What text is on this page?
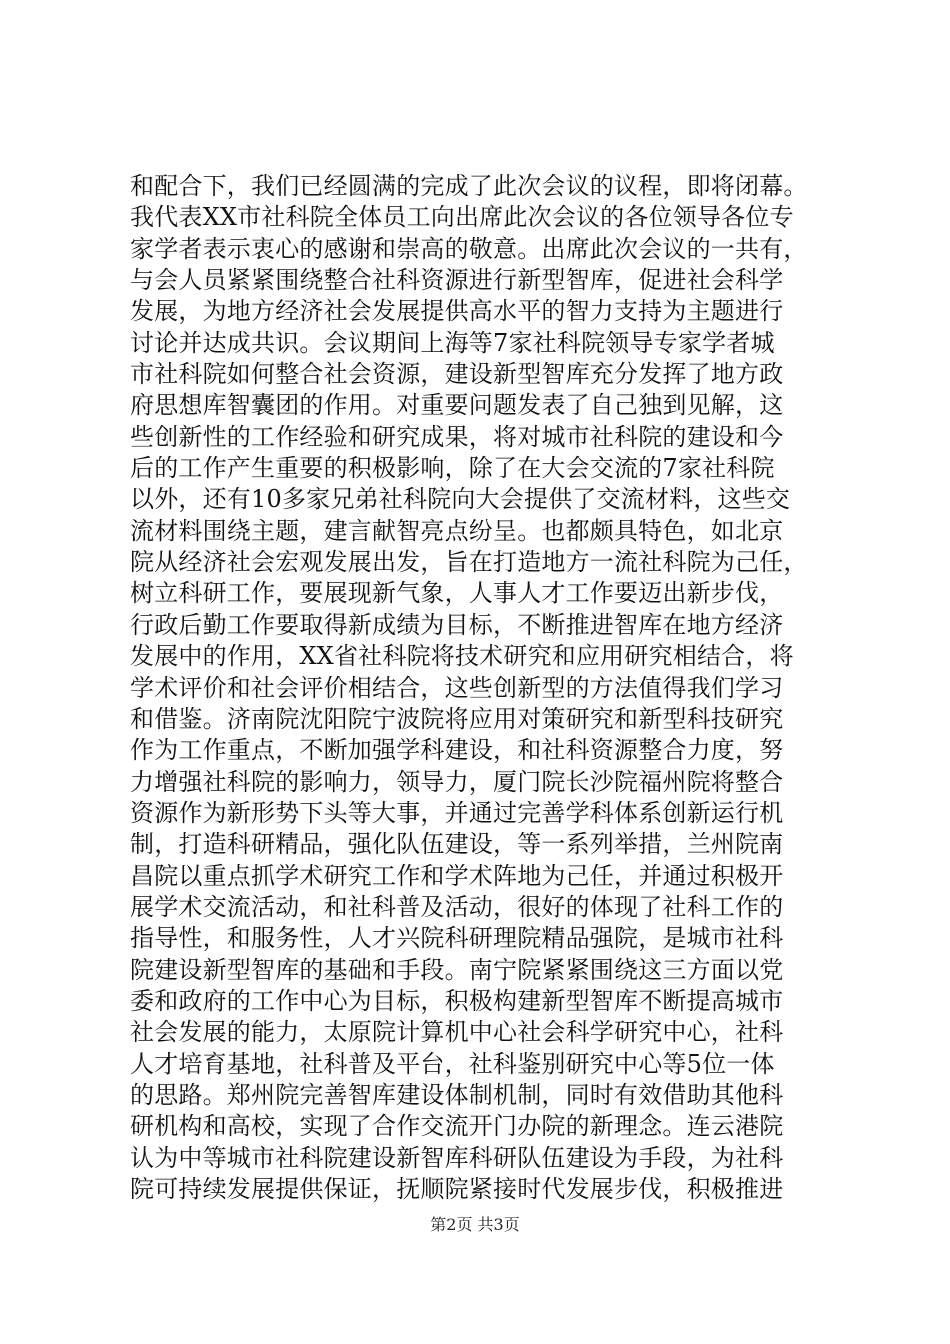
和配合下，我们已经圆满的完成了此次会议的议程，即将闭幕。
我代表XX市社科院全体员工向出席此次会议的各位领导各位专
家学者表示衷心的感谢和崇高的敬意。出席此次会议的一共有，
与会人员紧紧围绕整合社科资源进行新型智库，促进社会科学
发展，为地方经济社会发展提供高水平的智力支持为主题进行
讨论并达成共识。会议期间上海等7家社科院领导专家学者城
市社科院如何整合社会资源，建设新型智库充分发挥了地方政
府思想库智囊团的作用。对重要问题发表了自己独到见解，这
些创新性的工作经验和研究成果，将对城市社科院的建设和今
后的工作产生重要的积极影响，除了在大会交流的7家社科院
以外，还有10多家兄弟社科院向大会提供了交流材料，这些交
流材料围绕主题，建言献智亮点纷呈。也都颇具特色，如北京
院从经济社会宏观发展出发，旨在打造地方一流社科院为己任，
树立科研工作，要展现新气象，人事人才工作要迈出新步伐，
行政后勤工作要取得新成绩为目标，不断推进智库在地方经济
发展中的作用，XX省社科院将技术研究和应用研究相结合，将
学术评价和社会评价相结合，这些创新型的方法值得我们学习
和借鉴。济南院沈阳院宁波院将应用对策研究和新型科技研究
作为工作重点，不断加强学科建设，和社科资源整合力度，努
力增强社科院的影响力，领导力，厦门院长沙院福州院将整合
资源作为新形势下头等大事，并通过完善学科体系创新运行机
制，打造科研精品，强化队伍建设，等一系列举措，兰州院南
昌院以重点抓学术研究工作和学术阵地为己任，并通过积极开
展学术交流活动，和社科普及活动，很好的体现了社科工作的
指导性，和服务性，人才兴院科研理院精品强院，是城市社科
院建设新型智库的基础和手段。南宁院紧紧围绕这三方面以党
委和政府的工作中心为目标，积极构建新型智库不断提高城市
社会发展的能力，太原院计算机中心社会科学研究中心，社科
人才培育基地，社科普及平台，社科鉴别研究中心等5位一体
的思路。郑州院完善智库建设体制机制，同时有效借助其他科
研机构和高校，实现了合作交流开门办院的新理念。连云港院
认为中等城市社科院建设新智库科研队伍建设为手段，为社科
院可持续发展提供保证，抚顺院紧接时代发展步伐，积极推进
第2页 共3页
